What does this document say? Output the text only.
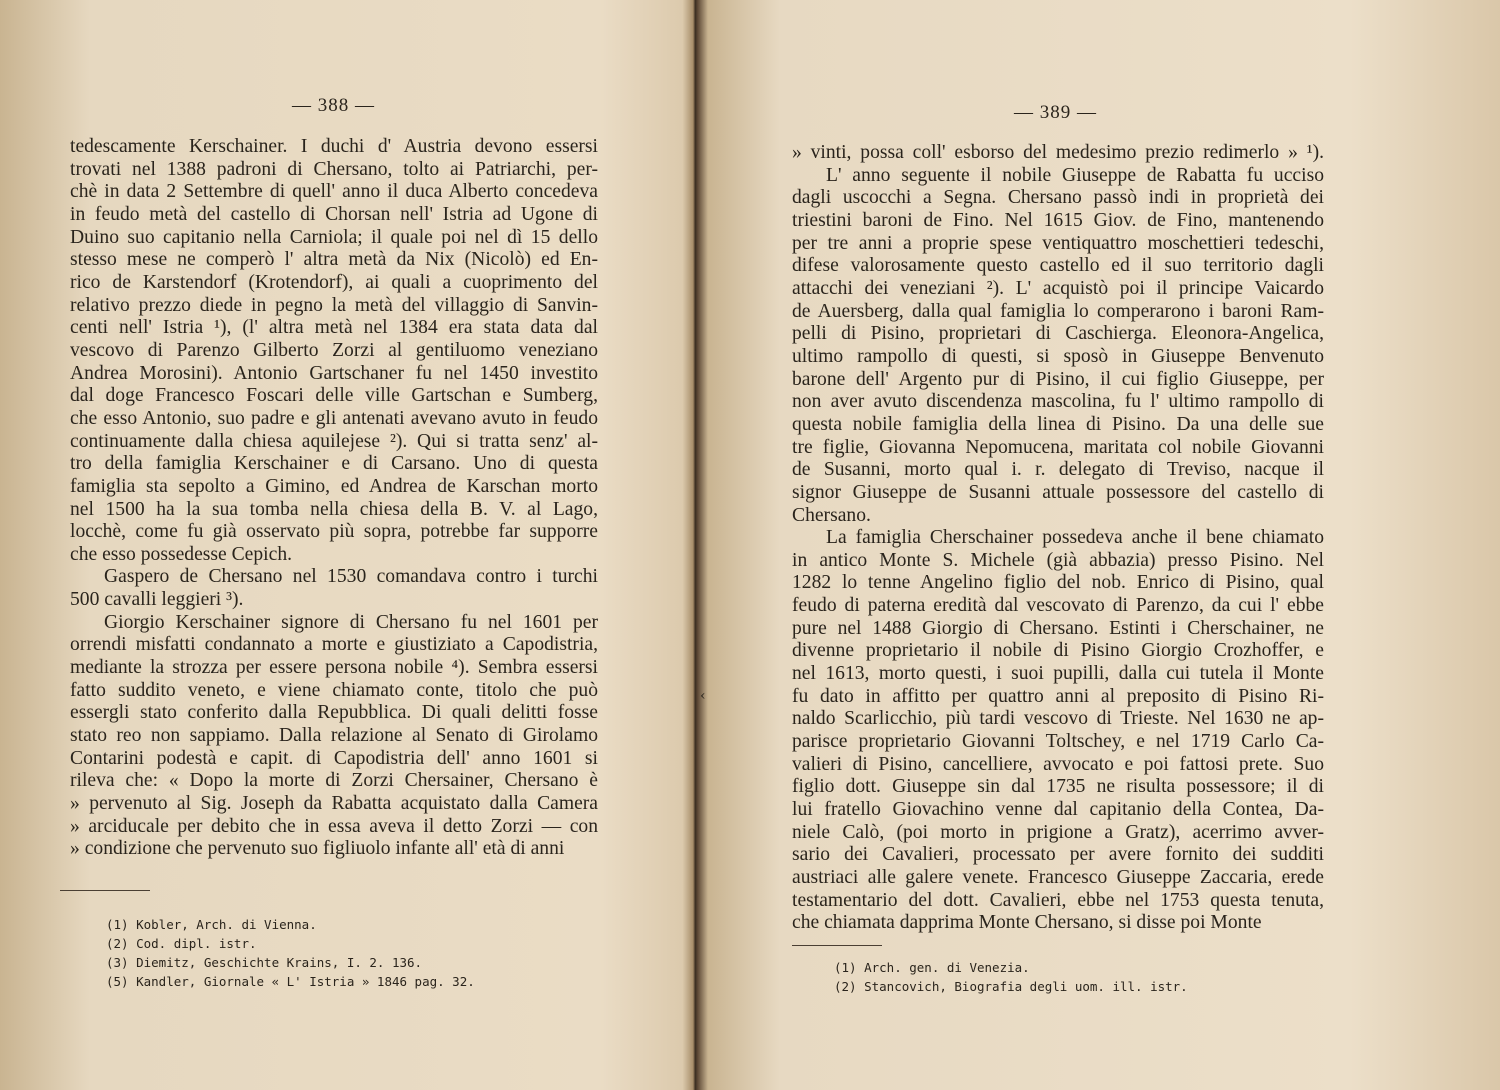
— 388 —
tedescamente Kerschainer. I duchi d' Austria devono essersi
trovati nel 1388 padroni di Chersano, tolto ai Patriarchi, per-
chè in data 2 Settembre di quell' anno il duca Alberto concedeva
in feudo metà del castello di Chorsan nell' Istria ad Ugone di
Duino suo capitanio nella Carniola; il quale poi nel dì 15 dello
stesso mese ne comperò l' altra metà da Nix (Nicolò) ed En-
rico de Karstendorf (Krotendorf), ai quali a cuoprimento del
relativo prezzo diede in pegno la metà del villaggio di Sanvin-
centi nell' Istria ¹), (l' altra metà nel 1384 era stata data dal
vescovo di Parenzo Gilberto Zorzi al gentiluomo veneziano
Andrea Morosini). Antonio Gartschaner fu nel 1450 investito
dal doge Francesco Foscari delle ville Gartschan e Sumberg,
che esso Antonio, suo padre e gli antenati avevano avuto in feudo
continuamente dalla chiesa aquilejese ²). Qui si tratta senz' al-
tro della famiglia Kerschainer e di Carsano. Uno di questa
famiglia sta sepolto a Gimino, ed Andrea de Karschan morto
nel 1500 ha la sua tomba nella chiesa della B. V. al Lago,
locchè, come fu già osservato più sopra, potrebbe far supporre
che esso possedesse Cepich.
Gaspero de Chersano nel 1530 comandava contro i turchi
500 cavalli leggieri ³).
Giorgio Kerschainer signore di Chersano fu nel 1601 per
orrendi misfatti condannato a morte e giustiziato a Capodistria,
mediante la strozza per essere persona nobile ⁴). Sembra essersi
fatto suddito veneto, e viene chiamato conte, titolo che può
essergli stato conferito dalla Repubblica. Di quali delitti fosse
stato reo non sappiamo. Dalla relazione al Senato di Girolamo
Contarini podestà e capit. di Capodistria dell' anno 1601 si
rileva che: « Dopo la morte di Zorzi Chersainer, Chersano è
» pervenuto al Sig. Joseph da Rabatta acquistato dalla Camera
» arciducale per debito che in essa aveva il detto Zorzi — con
» condizione che pervenuto suo figliuolo infante all' età di anni
(1) Kobler, Arch. di Vienna.
(2) Cod. dipl. istr.
(3) Diemitz, Geschichte Krains, I. 2. 136.
(5) Kandler, Giornale « L' Istria » 1846 pag. 32.
— 389 —
» vinti, possa coll' esborso del medesimo prezio redimerlo » ¹).
L' anno seguente il nobile Giuseppe de Rabatta fu ucciso
dagli uscocchi a Segna. Chersano passò indi in proprietà dei
triestini baroni de Fino. Nel 1615 Giov. de Fino, mantenendo
per tre anni a proprie spese ventiquattro moschettieri tedeschi,
difese valorosamente questo castello ed il suo territorio dagli
attacchi dei veneziani ²). L' acquistò poi il principe Vaicardo
de Auersberg, dalla qual famiglia lo comperarono i baroni Ram-
pelli di Pisino, proprietari di Caschierga. Eleonora-Angelica,
ultimo rampollo di questi, si sposò in Giuseppe Benvenuto
barone dell' Argento pur di Pisino, il cui figlio Giuseppe, per
non aver avuto discendenza mascolina, fu l' ultimo rampollo di
questa nobile famiglia della linea di Pisino. Da una delle sue
tre figlie, Giovanna Nepomucena, maritata col nobile Giovanni
de Susanni, morto qual i. r. delegato di Treviso, nacque il
signor Giuseppe de Susanni attuale possessore del castello di
Chersano.
La famiglia Cherschainer possedeva anche il bene chiamato
in antico Monte S. Michele (già abbazia) presso Pisino. Nel
1282 lo tenne Angelino figlio del nob. Enrico di Pisino, qual
feudo di paterna eredità dal vescovato di Parenzo, da cui l' ebbe
pure nel 1488 Giorgio di Chersano. Estinti i Cherschainer, ne
divenne proprietario il nobile di Pisino Giorgio Crozhoffer, e
nel 1613, morto questi, i suoi pupilli, dalla cui tutela il Monte
fu dato in affitto per quattro anni al preposito di Pisino Ri-
naldo Scarlicchio, più tardi vescovo di Trieste. Nel 1630 ne ap-
parisce proprietario Giovanni Toltschey, e nel 1719 Carlo Ca-
valieri di Pisino, cancelliere, avvocato e poi fattosi prete. Suo
figlio dott. Giuseppe sin dal 1735 ne risulta possessore; il di
lui fratello Giovachino venne dal capitanio della Contea, Da-
niele Calò, (poi morto in prigione a Gratz), acerrimo avver-
sario dei Cavalieri, processato per avere fornito dei sudditi
austriaci alle galere venete. Francesco Giuseppe Zaccaria, erede
testamentario del dott. Cavalieri, ebbe nel 1753 questa tenuta,
che chiamata dapprima Monte Chersano, si disse poi Monte
(1) Arch. gen. di Venezia.
(2) Stancovich, Biografia degli uom. ill. istr.
‹
